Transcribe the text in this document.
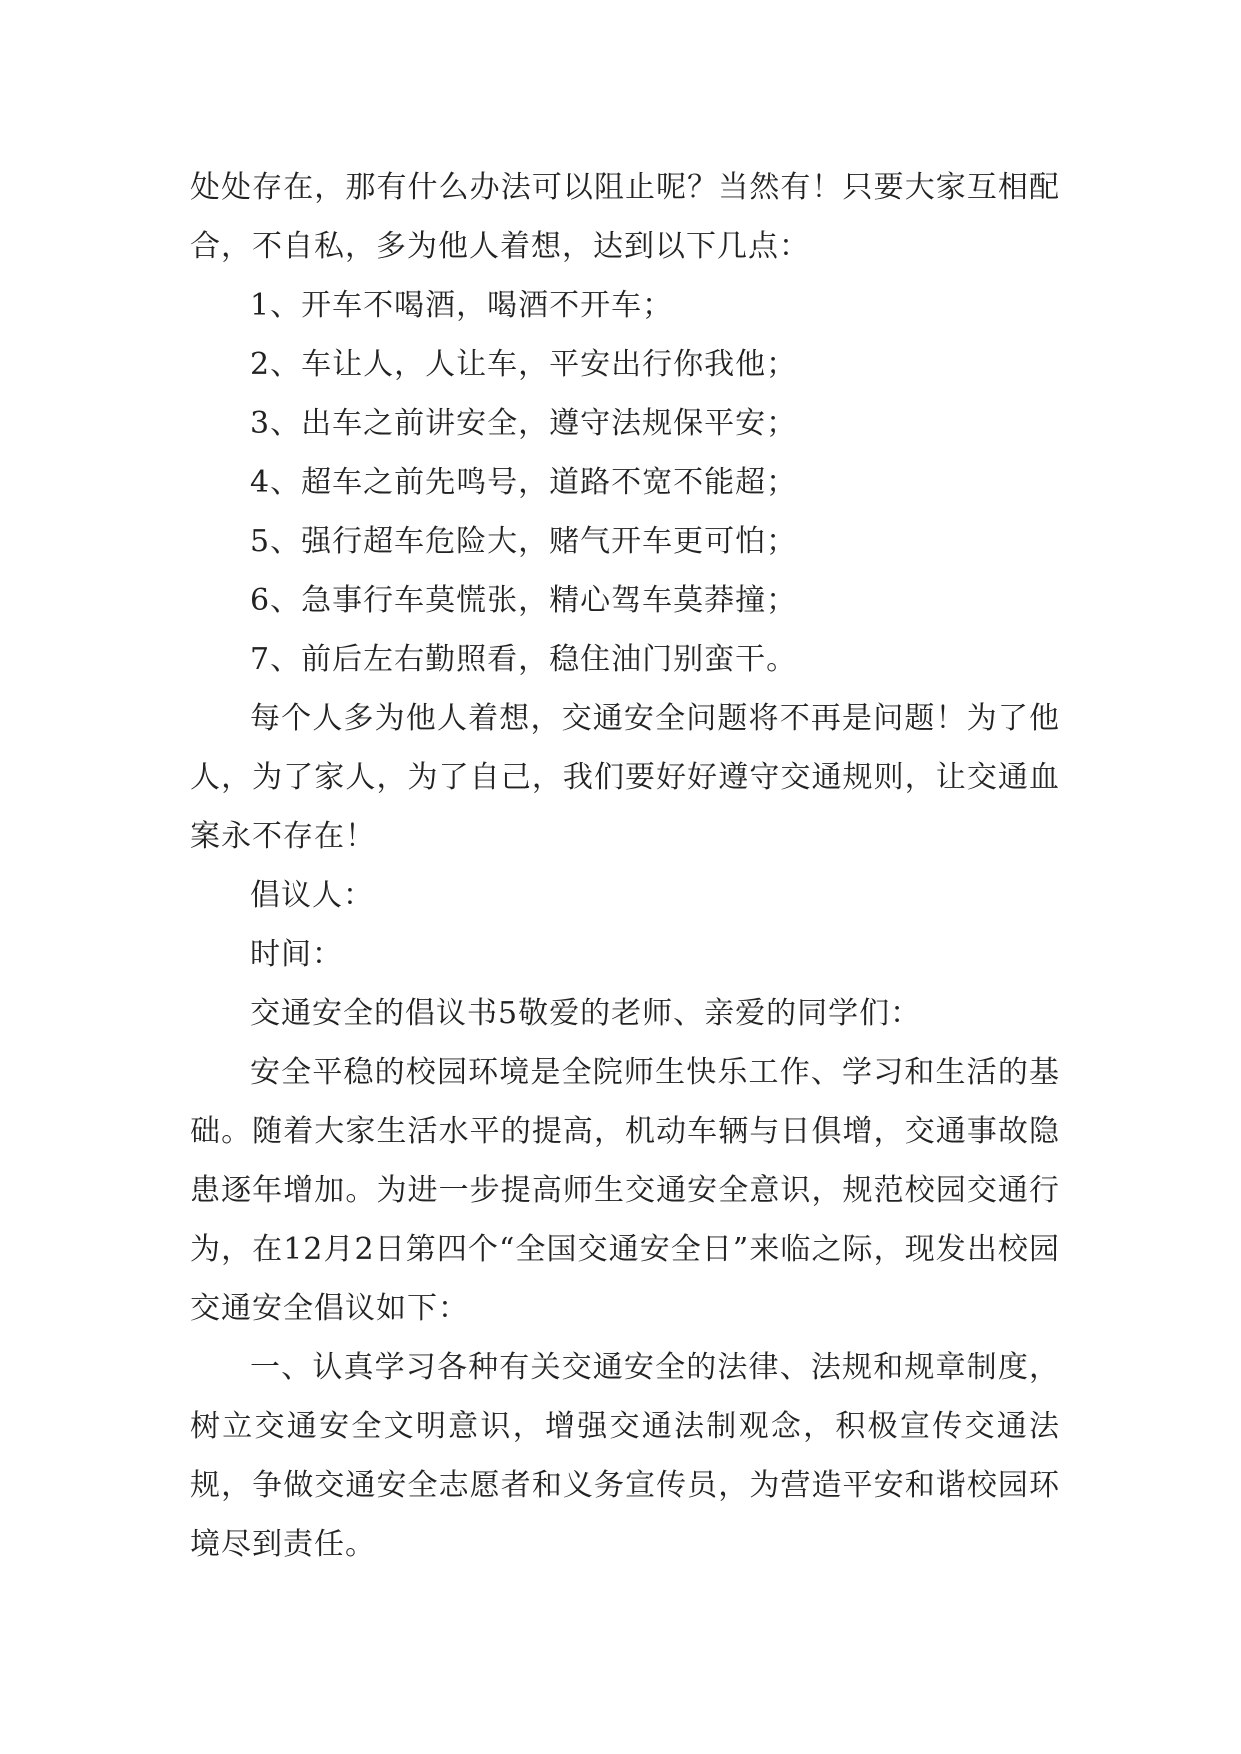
处处存在，那有什么办法可以阻止呢？当然有！只要大家互相配合，不自私，多为他人着想，达到以下几点：

1、开车不喝酒，喝酒不开车；

2、车让人，人让车，平安出行你我他；

3、出车之前讲安全，遵守法规保平安；

4、超车之前先鸣号，道路不宽不能超；

5、强行超车危险大，赌气开车更可怕；

6、急事行车莫慌张，精心驾车莫莽撞；

7、前后左右勤照看，稳住油门别蛮干。

每个人多为他人着想，交通安全问题将不再是问题！为了他人，为了家人，为了自己，我们要好好遵守交通规则，让交通血案永不存在！

倡议人：

时间：

交通安全的倡议书5敬爱的老师、亲爱的同学们：

安全平稳的校园环境是全院师生快乐工作、学习和生活的基础。随着大家生活水平的提高，机动车辆与日俱增，交通事故隐患逐年增加。为进一步提高师生交通安全意识，规范校园交通行为，在12月2日第四个“全国交通安全日”来临之际，现发出校园交通安全倡议如下：

一、认真学习各种有关交通安全的法律、法规和规章制度，树立交通安全文明意识，增强交通法制观念，积极宣传交通法规，争做交通安全志愿者和义务宣传员，为营造平安和谐校园环境尽到责任。
